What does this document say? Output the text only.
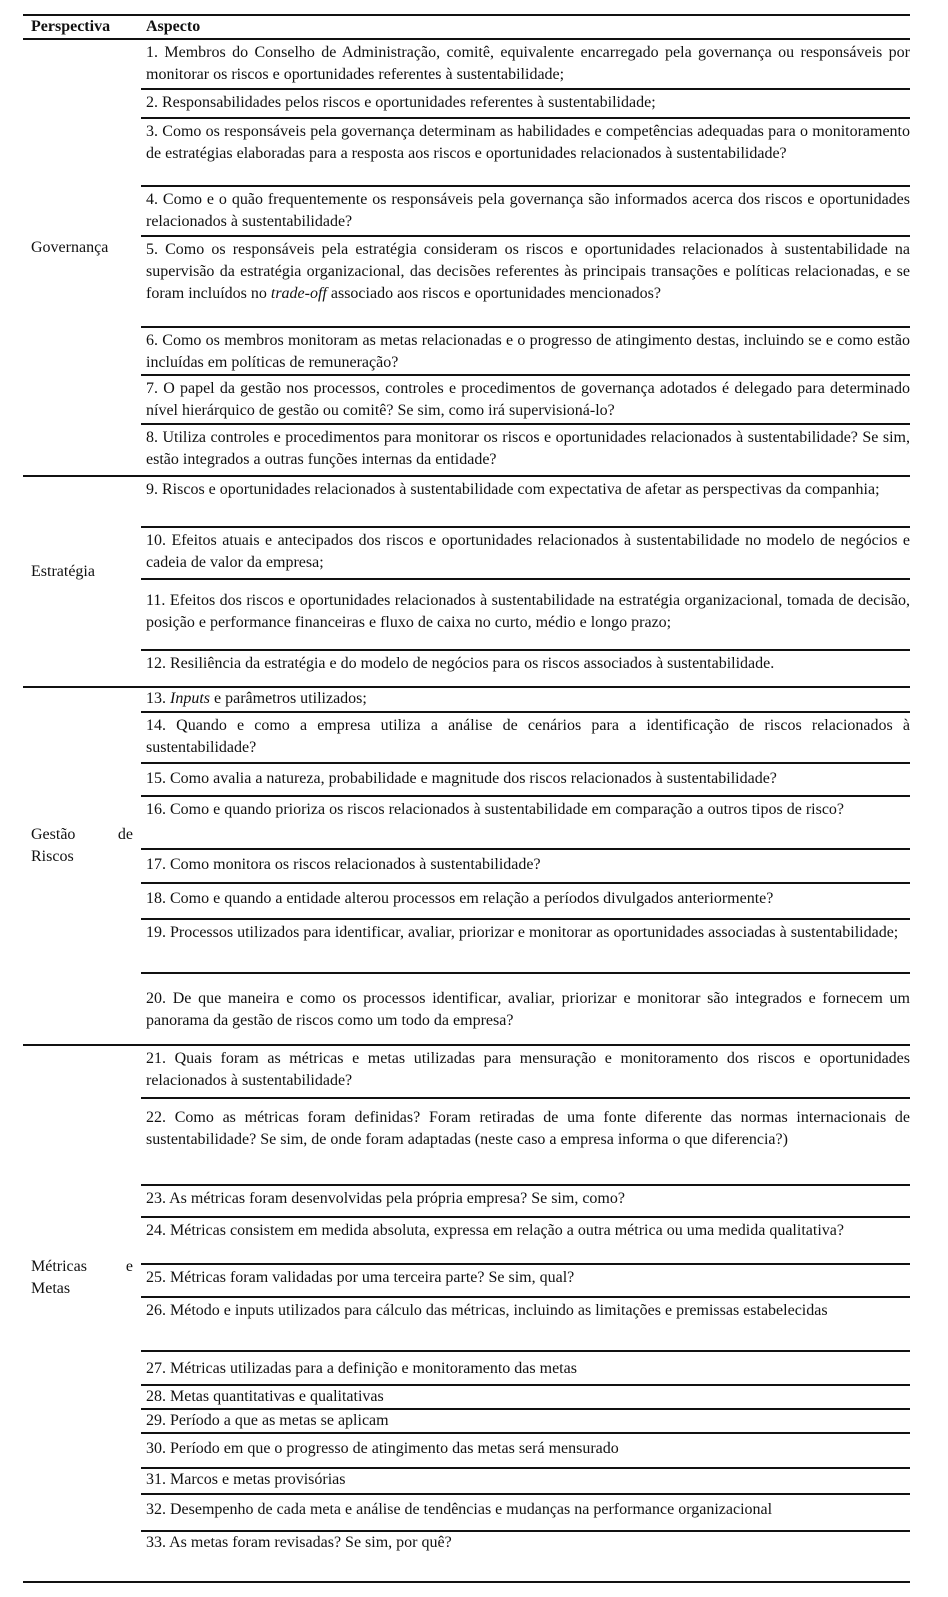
Perspectiva Aspecto
Governança
1. Membros do Conselho de Administração, comitê, equivalente encarregado pela governança ou responsáveis por monitorar os riscos e oportunidades referentes à sustentabilidade;
2. Responsabilidades pelos riscos e oportunidades referentes à sustentabilidade;
3. Como os responsáveis pela governança determinam as habilidades e competências adequadas para o monitoramento de estratégias elaboradas para a resposta aos riscos e oportunidades relacionados à sustentabilidade?
4. Como e o quão frequentemente os responsáveis pela governança são informados acerca dos riscos e oportunidades relacionados à sustentabilidade?
5. Como os responsáveis pela estratégia consideram os riscos e oportunidades relacionados à sustentabilidade na supervisão da estratégia organizacional, das decisões referentes às principais transações e políticas relacionadas, e se foram incluídos no trade-off associado aos riscos e oportunidades mencionados?
6. Como os membros monitoram as metas relacionadas e o progresso de atingimento destas, incluindo se e como estão incluídas em políticas de remuneração?
7. O papel da gestão nos processos, controles e procedimentos de governança adotados é delegado para determinado nível hierárquico de gestão ou comitê? Se sim, como irá supervisioná-lo?
8. Utiliza controles e procedimentos para monitorar os riscos e oportunidades relacionados à sustentabilidade? Se sim, estão integrados a outras funções internas da entidade?
Estratégia
9. Riscos e oportunidades relacionados à sustentabilidade com expectativa de afetar as perspectivas da companhia;
10. Efeitos atuais e antecipados dos riscos e oportunidades relacionados à sustentabilidade no modelo de negócios e cadeia de valor da empresa;
11. Efeitos dos riscos e oportunidades relacionados à sustentabilidade na estratégia organizacional, tomada de decisão, posição e performance financeiras e fluxo de caixa no curto, médio e longo prazo;
12. Resiliência da estratégia e do modelo de negócios para os riscos associados à sustentabilidade.
Gestão	de
Riscos
13. Inputs e parâmetros utilizados;
14. Quando e como a empresa utiliza a análise de cenários para a identificação de riscos relacionados à sustentabilidade?
15. Como avalia a natureza, probabilidade e magnitude dos riscos relacionados à sustentabilidade?
16. Como e quando prioriza os riscos relacionados à sustentabilidade em comparação a outros tipos de risco?
17. Como monitora os riscos relacionados à sustentabilidade?
18. Como e quando a entidade alterou processos em relação a períodos divulgados anteriormente?
19. Processos utilizados para identificar, avaliar, priorizar e monitorar as oportunidades associadas à sustentabilidade;
20. De que maneira e como os processos identificar, avaliar, priorizar e monitorar são integrados e fornecem um panorama da gestão de riscos como um todo da empresa?
Métricas e
Metas
21. Quais foram as métricas e metas utilizadas para mensuração e monitoramento dos riscos e oportunidades relacionados à sustentabilidade?
22. Como as métricas foram definidas? Foram retiradas de uma fonte diferente das normas internacionais de sustentabilidade? Se sim, de onde foram adaptadas (neste caso a empresa informa o que diferencia?)
23. As métricas foram desenvolvidas pela própria empresa? Se sim, como?
24. Métricas consistem em medida absoluta, expressa em relação a outra métrica ou uma medida qualitativa?
25. Métricas foram validadas por uma terceira parte? Se sim, qual?
26. Método e inputs utilizados para cálculo das métricas, incluindo as limitações e premissas estabelecidas
27. Métricas utilizadas para a definição e monitoramento das metas
28. Metas quantitativas e qualitativas
29. Período a que as metas se aplicam
30. Período em que o progresso de atingimento das metas será mensurado
31. Marcos e metas provisórias
32. Desempenho de cada meta e análise de tendências e mudanças na performance organizacional
33. As metas foram revisadas? Se sim, por quê?
